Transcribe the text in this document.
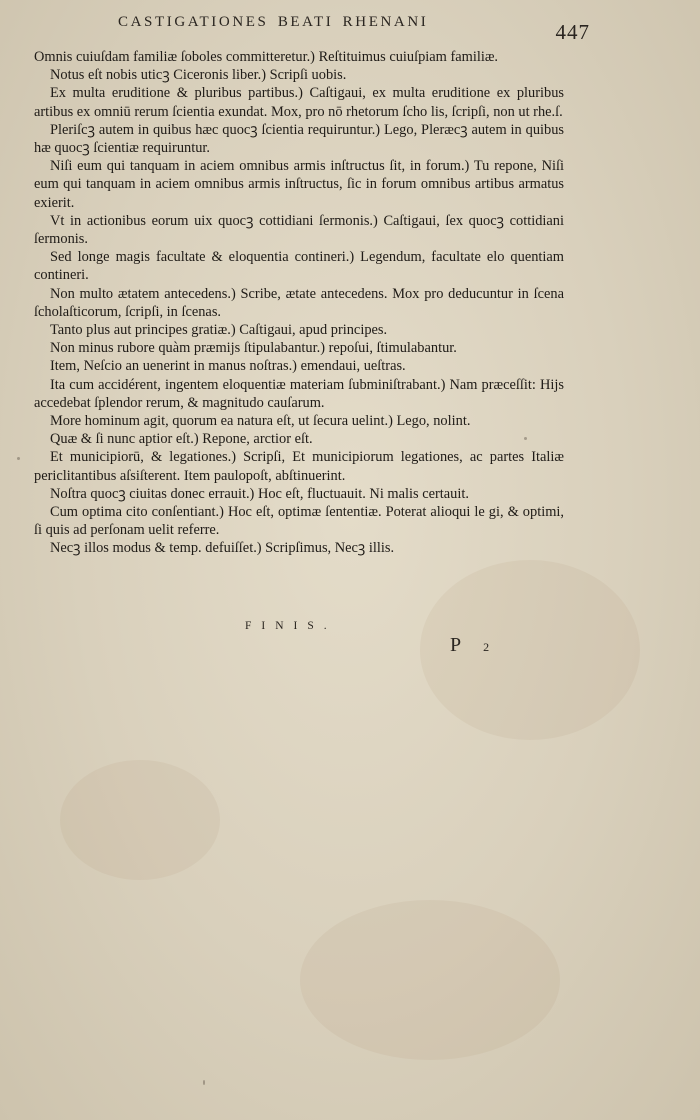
CASTIGATIONES BEATI RHENANI	447

Omnis cuiuſdam familiæ ſoboles committeretur.) Reſtituimus cuiuſpiam familiæ.

Notus eſt nobis uticꝫ Ciceronis liber.) Scripſi uobis.

Ex multa eruditione & pluribus partibus.) Caſtigaui, ex multa eruditione ex pluribus artibus ex omniū rerum ſcientia exundat. Mox, pro nō rhetorum ſcho lis, ſcripſi, non ut rhe.ſ.

Pleriſcꝫ autem in quibus hæc quocꝫ ſcientia requiruntur.) Lego, Pleræcꝫ autem in quibus hæ quocꝫ ſcientiæ requiruntur.

Niſi eum qui tanquam in aciem omnibus armis inſtructus ſit, in forum.) Tu repone, Niſi eum qui tanquam in aciem omnibus armis inſtructus, ſic in forum omnibus artibus armatus exierit.

Vt in actionibus eorum uix quocꝫ cottidiani ſermonis.) Caſtigaui, ſex quocꝫ cottidiani ſermonis.

Sed longe magis facultate & eloquentia contineri.) Legendum, facultate elo quentiam contineri.

Non multo ætatem antecedens.) Scribe, ætate antecedens. Mox pro deducuntur in ſcena ſcholaſticorum, ſcripſi, in ſcenas.

Tanto plus aut principes gratiæ.) Caſtigaui, apud principes.

Non minus rubore quàm præmijs ſtipulabantur.) repoſui, ſtimulabantur.

Item, Neſcio an uenerint in manus noſtras.) emendaui, ueſtras.

Ita cum accidérent, ingentem eloquentiæ materiam ſubminiſtrabant.) Nam præceſſit: Hijs accedebat ſplendor rerum, & magnitudo cauſarum.

More hominum agit, quorum ea natura eſt, ut ſecura uelint.) Lego, nolint.

Quæ & ſi nunc aptior eſt.) Repone, arctior eſt.

Et municipiorū, & legationes.) Scripſi, Et municipiorum legationes, ac partes Italiæ periclitantibus aſsiſterent. Item paulopoſt, abſtinuerint.

Noſtra quocꝫ ciuitas donec errauit.) Hoc eſt, fluctuauit. Ni malis certauit.

Cum optima cito conſentiant.) Hoc eſt, optimæ ſententiæ. Poterat alioqui le gi, & optimi, ſi quis ad perſonam uelit referre.

Necꝫ illos modus & temp. defuiſſet.) Scripſimus, Necꝫ illis.

FINIS.
P 2
